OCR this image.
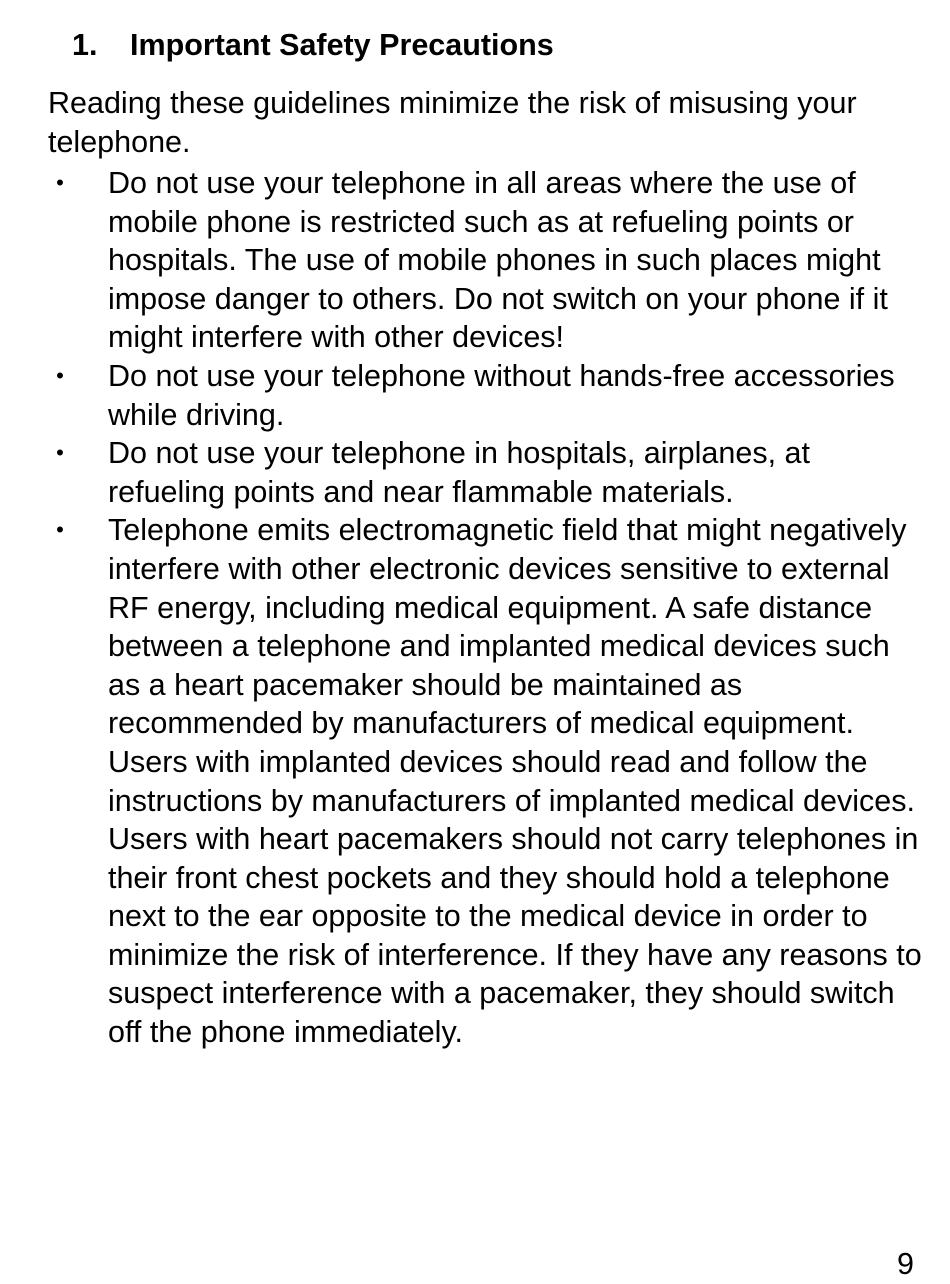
1. Important Safety Precautions

Reading these guidelines minimize the risk of misusing your telephone.

• Do not use your telephone in all areas where the use of mobile phone is restricted such as at refueling points or hospitals. The use of mobile phones in such places might impose danger to others. Do not switch on your phone if it might interfere with other devices!
• Do not use your telephone without hands-free accessories while driving.
• Do not use your telephone in hospitals, airplanes, at refueling points and near flammable materials.
• Telephone emits electromagnetic field that might negatively interfere with other electronic devices sensitive to external RF energy, including medical equipment. A safe distance between a telephone and implanted medical devices such as a heart pacemaker should be maintained as recommended by manufacturers of medical equipment. Users with implanted devices should read and follow the instructions by manufacturers of implanted medical devices. Users with heart pacemakers should not carry telephones in their front chest pockets and they should hold a telephone next to the ear opposite to the medical device in order to minimize the risk of interference. If they have any reasons to suspect interference with a pacemaker, they should switch off the phone immediately.
9
